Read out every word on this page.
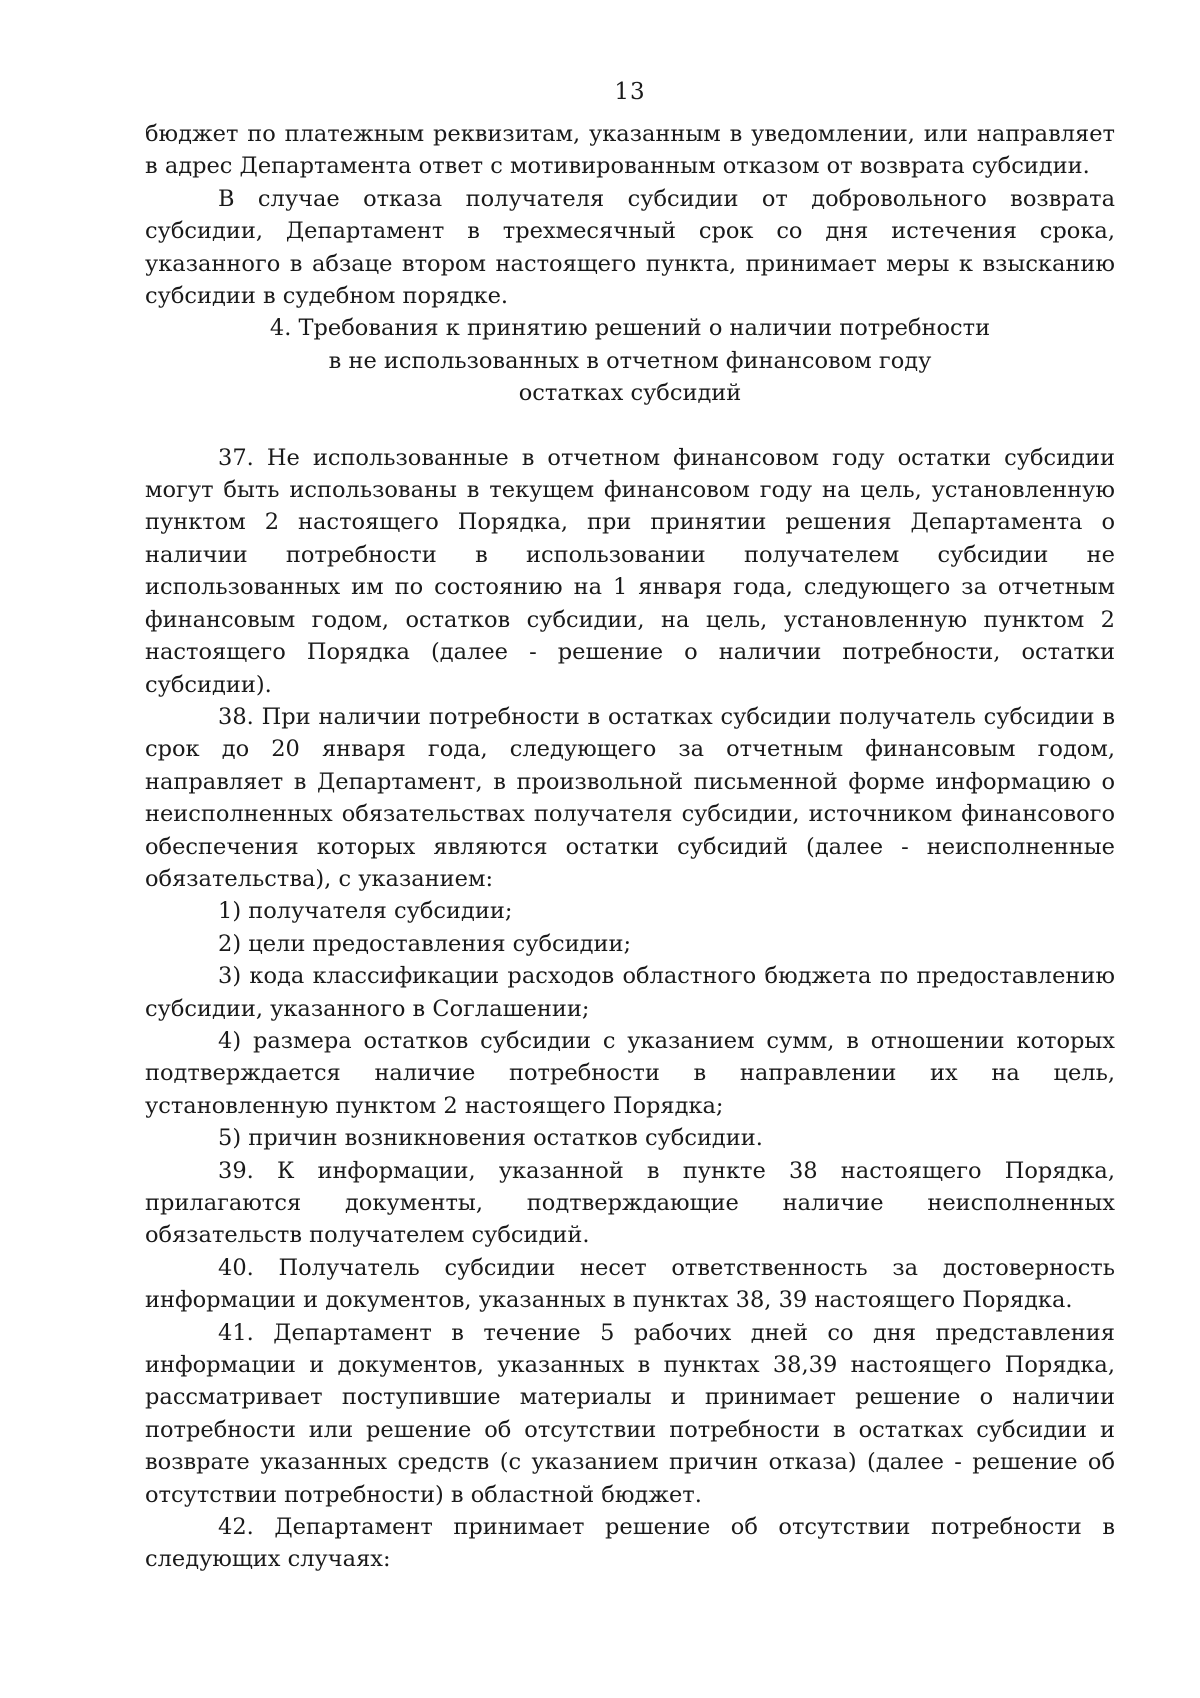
13

бюджет по платежным реквизитам, указанным в уведомлении, или направляет в адрес Департамента ответ с мотивированным отказом от возврата субсидии.

В случае отказа получателя субсидии от добровольного возврата субсидии, Департамент в трехмесячный срок со дня истечения срока, указанного в абзаце втором настоящего пункта, принимает меры к взысканию субсидии в судебном порядке.

4. Требования к принятию решений о наличии потребности

в не использованных в отчетном финансовом году

остатках субсидий

37. Не использованные в отчетном финансовом году остатки субсидии могут быть использованы в текущем финансовом году на цель, установленную пунктом 2 настоящего Порядка, при принятии решения Департамента о наличии потребности в использовании получателем субсидии не использованных им по состоянию на 1 января года, следующего за отчетным финансовым годом, остатков субсидии, на цель, установленную пунктом 2 настоящего Порядка (далее - решение о наличии потребности, остатки субсидии).

38. При наличии потребности в остатках субсидии получатель субсидии в срок до 20 января года, следующего за отчетным финансовым годом, направляет в Департамент, в произвольной письменной форме информацию о неисполненных обязательствах получателя субсидии, источником финансового обеспечения которых являются остатки субсидий (далее - неисполненные обязательства), с указанием:

1) получателя субсидии;

2) цели предоставления субсидии;

3) кода классификации расходов областного бюджета по предоставлению субсидии, указанного в Соглашении;

4) размера остатков субсидии с указанием сумм, в отношении которых подтверждается наличие потребности в направлении их на цель, установленную пунктом 2 настоящего Порядка;

5) причин возникновения остатков субсидии.

39. К информации, указанной в пункте 38 настоящего Порядка, прилагаются документы, подтверждающие наличие неисполненных обязательств получателем субсидий.

40. Получатель субсидии несет ответственность за достоверность информации и документов, указанных в пунктах 38, 39 настоящего Порядка.

41. Департамент в течение 5 рабочих дней со дня представления информации и документов, указанных в пунктах 38,39 настоящего Порядка, рассматривает поступившие материалы и принимает решение о наличии потребности или решение об отсутствии потребности в остатках субсидии и возврате указанных средств (с указанием причин отказа) (далее - решение об отсутствии потребности) в областной бюджет.

42. Департамент принимает решение об отсутствии потребности в следующих случаях:
